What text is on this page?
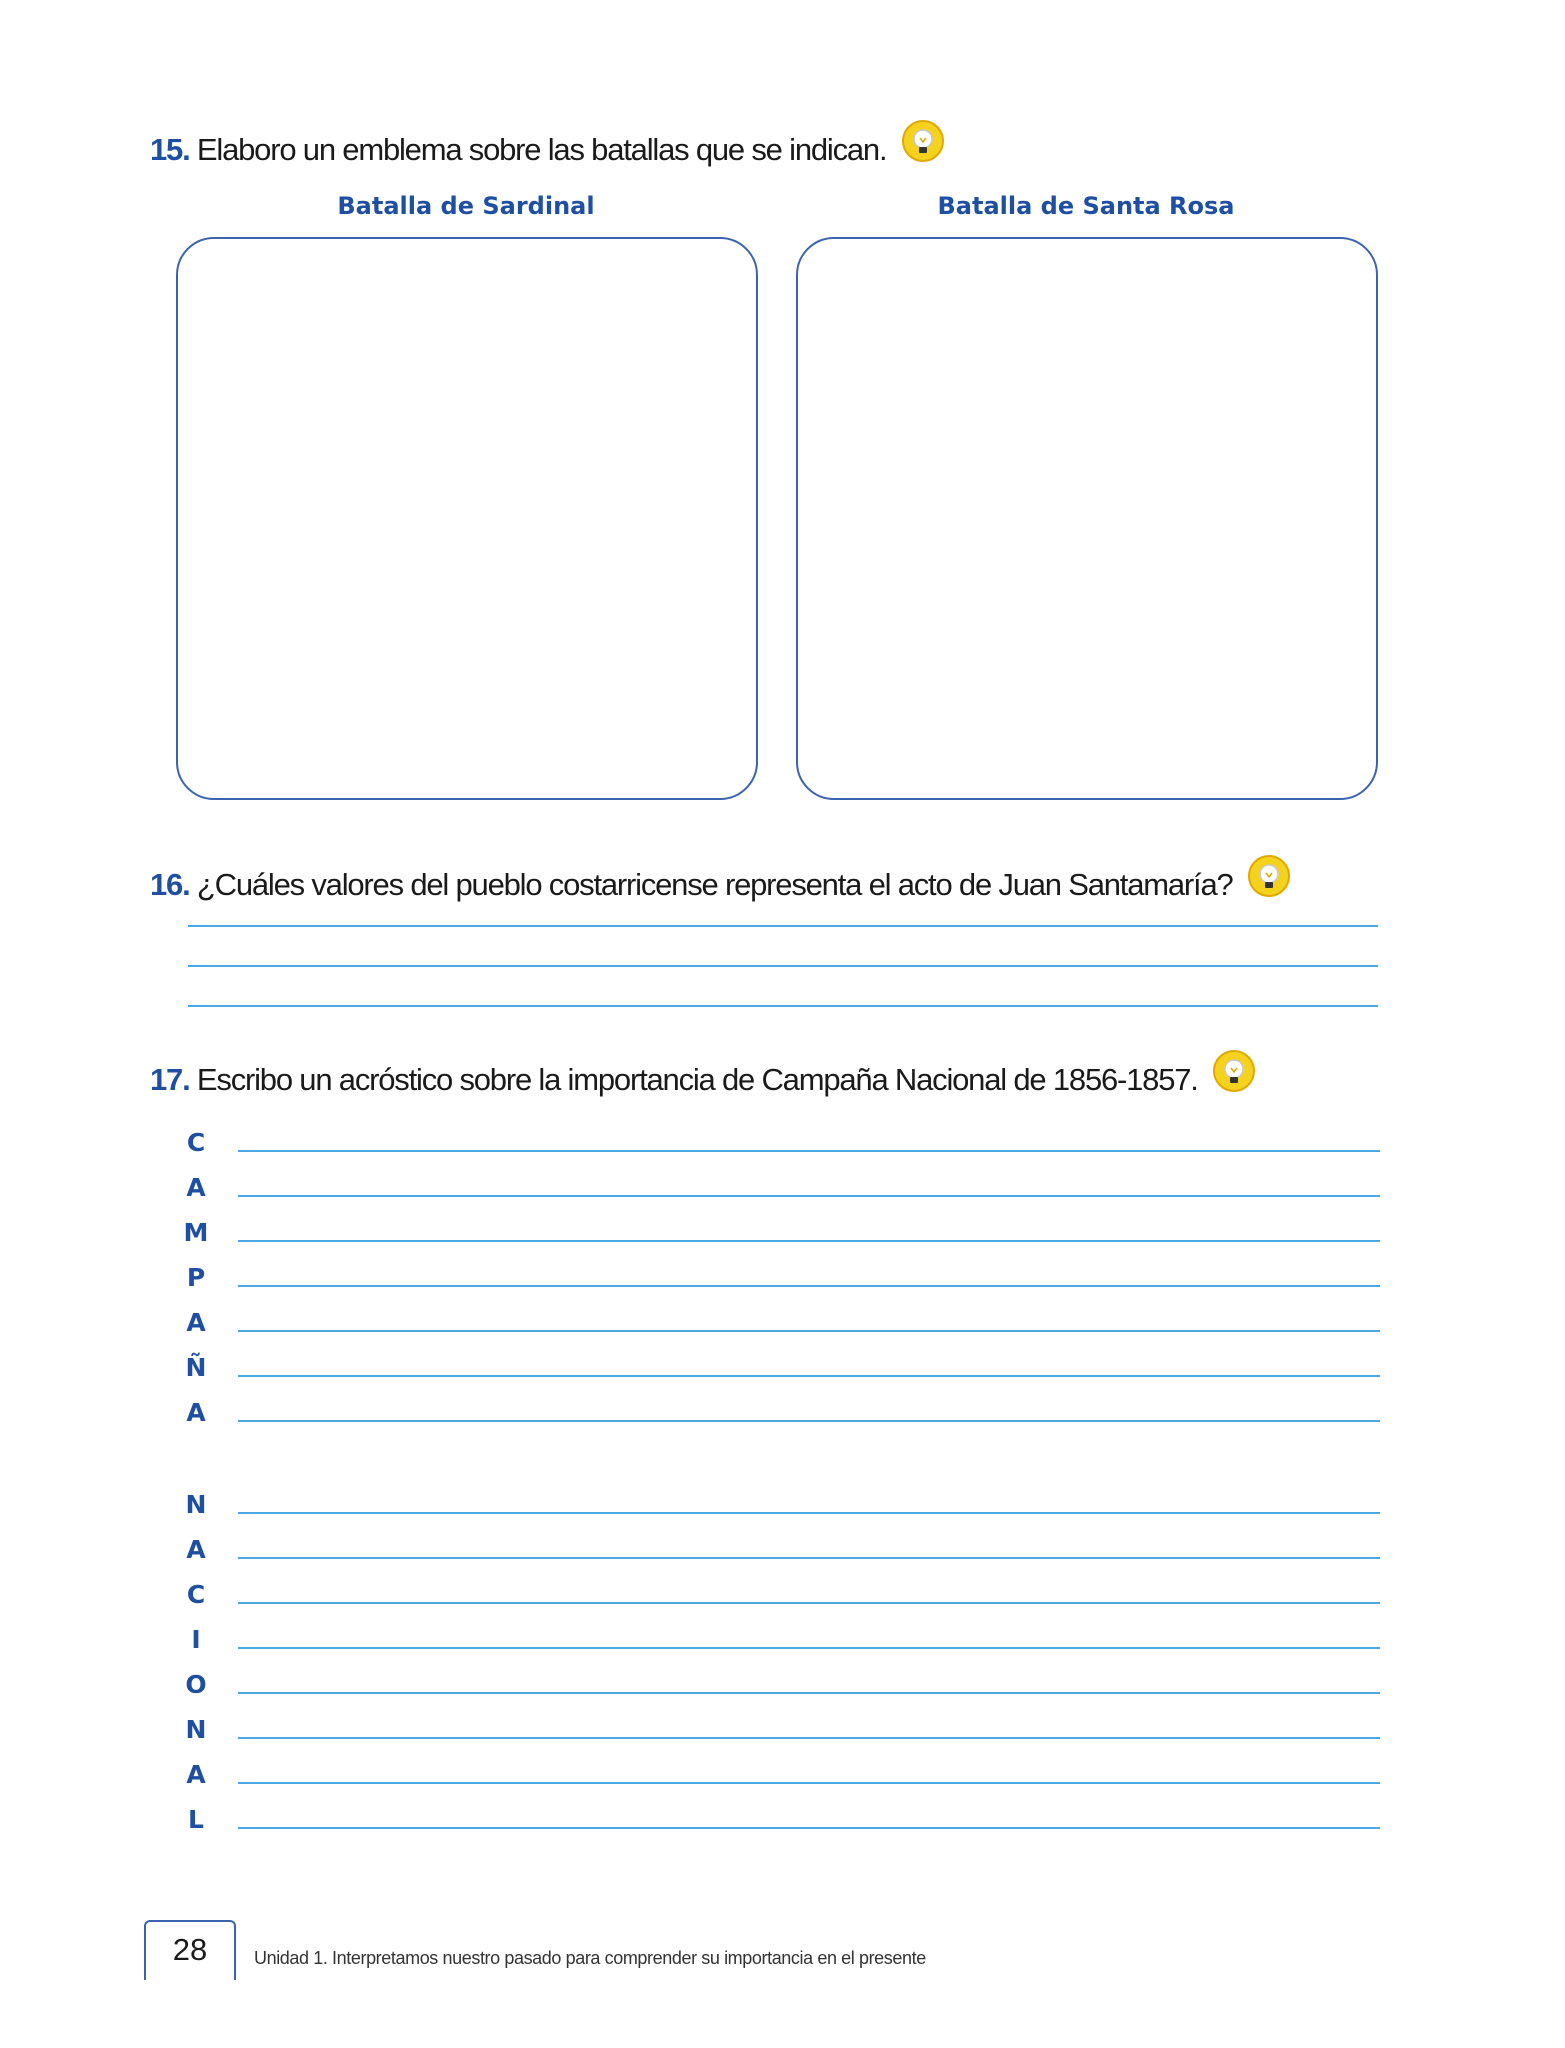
15. Elaboro un emblema sobre las batallas que se indican.
Batalla de Sardinal	Batalla de Santa Rosa
16. ¿Cuáles valores del pueblo costarricense representa el acto de Juan Santamaría?
17. Escribo un acróstico sobre la importancia de Campaña Nacional de 1856-1857.
C
A
M
P
A
Ñ
A
N
A
C
I
O
N
A
L
28	Unidad 1. Interpretamos nuestro pasado para comprender su importancia en el presente
